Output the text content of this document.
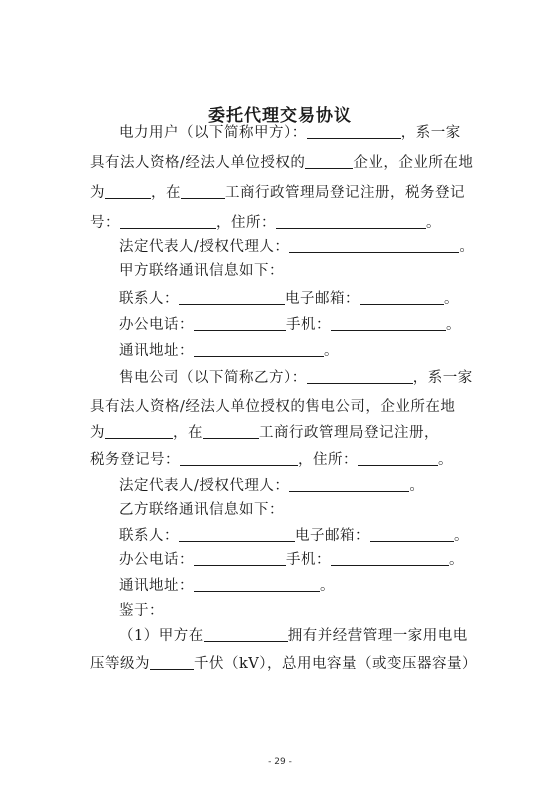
委托代理交易协议
电力用户（以下简称甲方）：	，系一家
具有法人资格/经法人单位授权的	企业，企业所在地
为	，在	工商行政管理局登记注册，税务登记
号：	，住所：	。
法定代表人/授权代理人：	。
甲方联络通讯信息如下：
联系人：	电子邮箱：	。
办公电话：	手机：	。
通讯地址：	。
售电公司（以下简称乙方）：	，系一家
具有法人资格/经法人单位授权的售电公司，企业所在地
为	，在	工商行政管理局登记注册，
税务登记号：	，住所：	。
法定代表人/授权代理人：	。
乙方联络通讯信息如下：
联系人：	电子邮箱：	。
办公电话：	手机：	。
通讯地址：	。
鉴于：
（1）甲方在	拥有并经营管理一家用电电
压等级为	千伏（kV），总用电容量（或变压器容量）
- 29 -
